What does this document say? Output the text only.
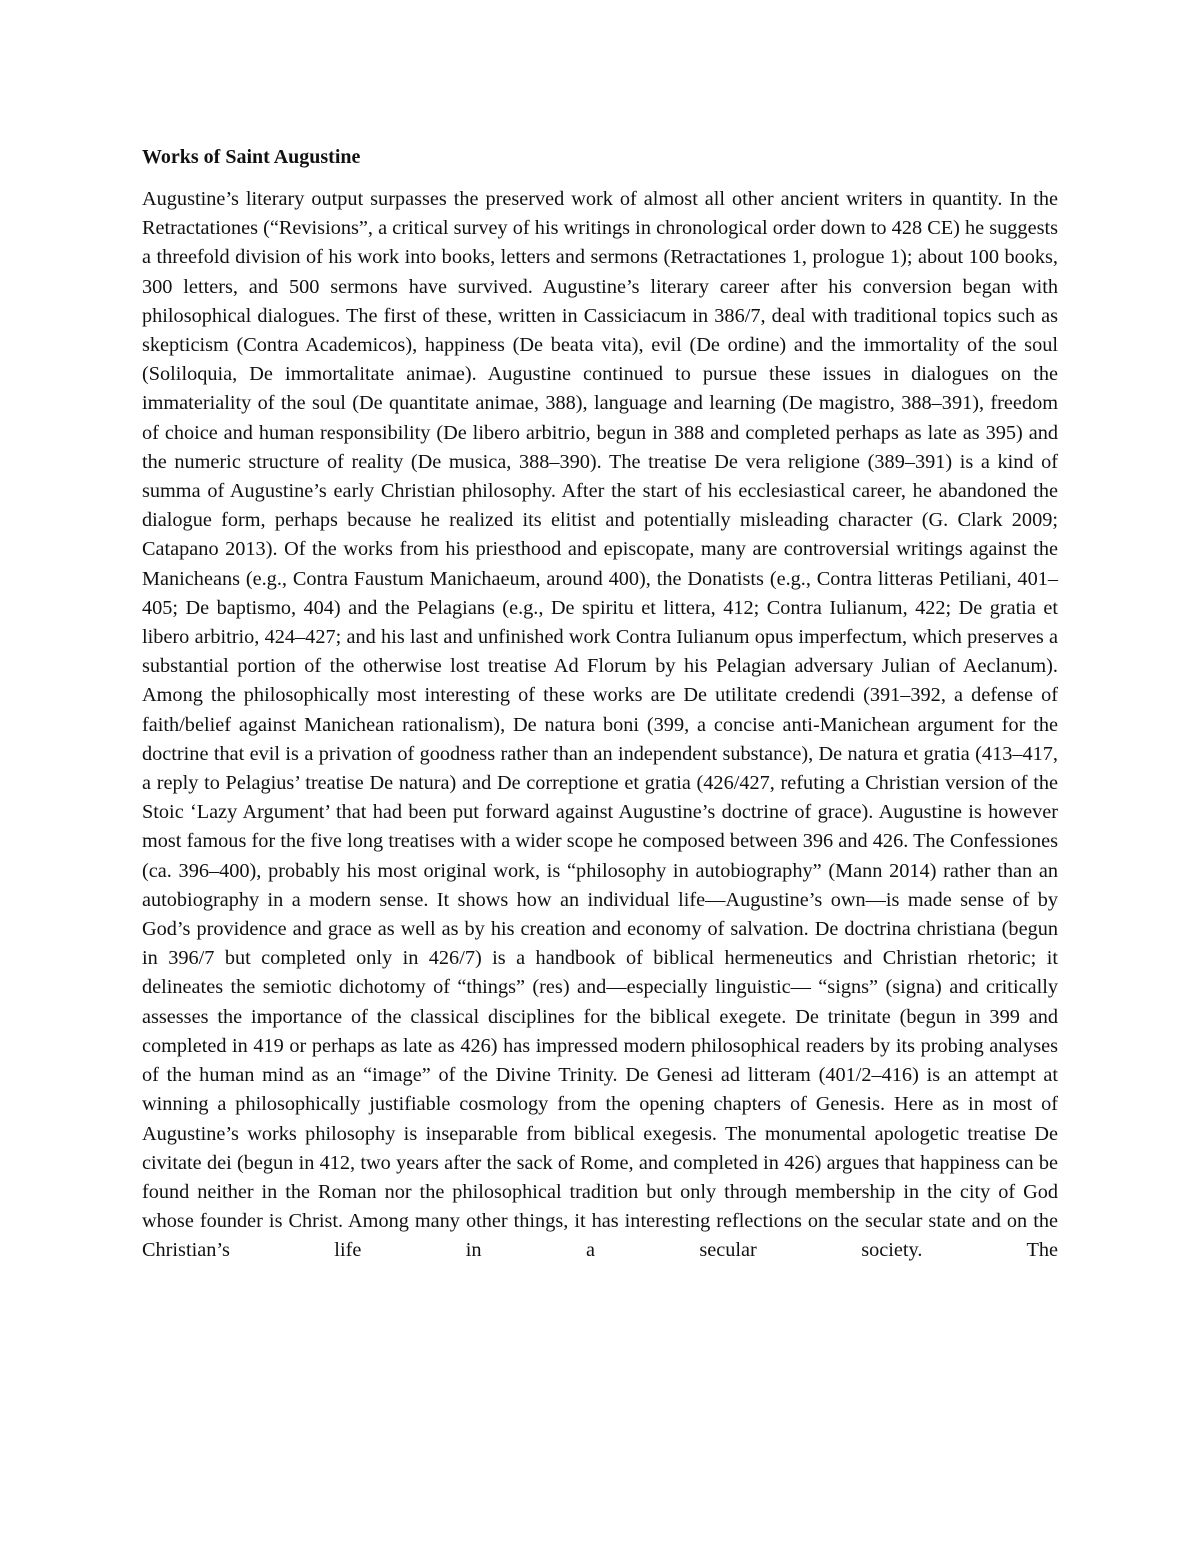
Works of Saint Augustine

Augustine’s literary output surpasses the preserved work of almost all other ancient writers in quantity. In the Retractationes (“Revisions”, a critical survey of his writings in chronological order down to 428 CE) he suggests a threefold division of his work into books, letters and sermons (Retractationes 1, prologue 1); about 100 books, 300 letters, and 500 sermons have survived. Augustine’s literary career after his conversion began with philosophical dialogues. The first of these, written in Cassiciacum in 386/7, deal with traditional topics such as skepticism (Contra Academicos), happiness (De beata vita), evil (De ordine) and the immortality of the soul (Soliloquia, De immortalitate animae). Augustine continued to pursue these issues in dialogues on the immateriality of the soul (De quantitate animae, 388), language and learning (De magistro, 388–391), freedom of choice and human responsibility (De libero arbitrio, begun in 388 and completed perhaps as late as 395) and the numeric structure of reality (De musica, 388–390). The treatise De vera religione (389–391) is a kind of summa of Augustine’s early Christian philosophy. After the start of his ecclesiastical career, he abandoned the dialogue form, perhaps because he realized its elitist and potentially misleading character (G. Clark 2009; Catapano 2013). Of the works from his priesthood and episcopate, many are controversial writings against the Manicheans (e.g., Contra Faustum Manichaeum, around 400), the Donatists (e.g., Contra litteras Petiliani, 401–405; De baptismo, 404) and the Pelagians (e.g., De spiritu et littera, 412; Contra Iulianum, 422; De gratia et libero arbitrio, 424–427; and his last and unfinished work Contra Iulianum opus imperfectum, which preserves a substantial portion of the otherwise lost treatise Ad Florum by his Pelagian adversary Julian of Aeclanum). Among the philosophically most interesting of these works are De utilitate credendi (391–392, a defense of faith/belief against Manichean rationalism), De natura boni (399, a concise anti-Manichean argument for the doctrine that evil is a privation of goodness rather than an independent substance), De natura et gratia (413–417, a reply to Pelagius’ treatise De natura) and De correptione et gratia (426/427, refuting a Christian version of the Stoic ‘Lazy Argument’ that had been put forward against Augustine’s doctrine of grace). Augustine is however most famous for the five long treatises with a wider scope he composed between 396 and 426. The Confessiones (ca. 396–400), probably his most original work, is “philosophy in autobiography” (Mann 2014) rather than an autobiography in a modern sense. It shows how an individual life—Augustine’s own—is made sense of by God’s providence and grace as well as by his creation and economy of salvation. De doctrina christiana (begun in 396/7 but completed only in 426/7) is a handbook of biblical hermeneutics and Christian rhetoric; it delineates the semiotic dichotomy of “things” (res) and—especially linguistic— “signs” (signa) and critically assesses the importance of the classical disciplines for the biblical exegete. De trinitate (begun in 399 and completed in 419 or perhaps as late as 426) has impressed modern philosophical readers by its probing analyses of the human mind as an “image” of the Divine Trinity. De Genesi ad litteram (401/2–416) is an attempt at winning a philosophically justifiable cosmology from the opening chapters of Genesis. Here as in most of Augustine’s works philosophy is inseparable from biblical exegesis. The monumental apologetic treatise De civitate dei (begun in 412, two years after the sack of Rome, and completed in 426) argues that happiness can be found neither in the Roman nor the philosophical tradition but only through membership in the city of God whose founder is Christ. Among many other things, it has interesting reflections on the secular state and on the Christian’s life in a secular society. The
